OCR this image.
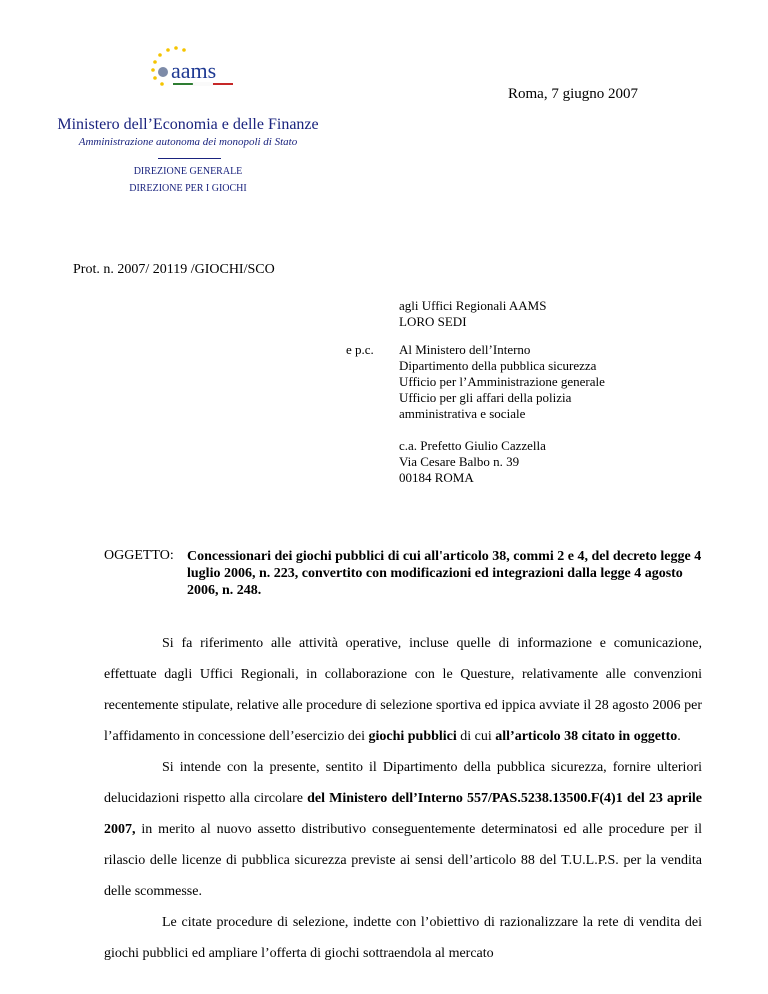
aams
Roma, 7 giugno 2007
Ministero dell’Economia e delle Finanze
Amministrazione autonoma dei monopoli di Stato
DIREZIONE GENERALE
DIREZIONE PER I GIOCHI
Prot. n. 2007/ 20119 /GIOCHI/SCO
agli Uffici Regionali AAMS
LORO SEDI
e p.c. Al Ministero dell’Interno
Dipartimento della pubblica sicurezza
Ufficio per l’Amministrazione generale
Ufficio per gli affari della polizia
amministrativa e sociale
c.a. Prefetto Giulio Cazzella
Via Cesare Balbo n. 39
00184 ROMA
OGGETTO: Concessionari dei giochi pubblici di cui all'articolo 38, commi 2 e 4, del decreto legge 4 luglio 2006, n. 223, convertito con modificazioni ed integrazioni dalla legge 4 agosto 2006, n. 248.

Si fa riferimento alle attività operative, incluse quelle di informazione e comunicazione, effettuate dagli Uffici Regionali, in collaborazione con le Questure, relativamente alle convenzioni recentemente stipulate, relative alle procedure di selezione sportiva ed ippica avviate il 28 agosto 2006 per l’affidamento in concessione dell’esercizio dei giochi pubblici di cui all’articolo 38 citato in oggetto.

Si intende con la presente, sentito il Dipartimento della pubblica sicurezza, fornire ulteriori delucidazioni rispetto alla circolare del Ministero dell’Interno 557/PAS.5238.13500.F(4)1 del 23 aprile 2007, in merito al nuovo assetto distributivo conseguentemente determinatosi ed alle procedure per il rilascio delle licenze di pubblica sicurezza previste ai sensi dell’articolo 88 del T.U.L.P.S. per la vendita delle scommesse.

Le citate procedure di selezione, indette con l’obiettivo di razionalizzare la rete di vendita dei giochi pubblici ed ampliare l’offerta di giochi sottraendola al mercato
